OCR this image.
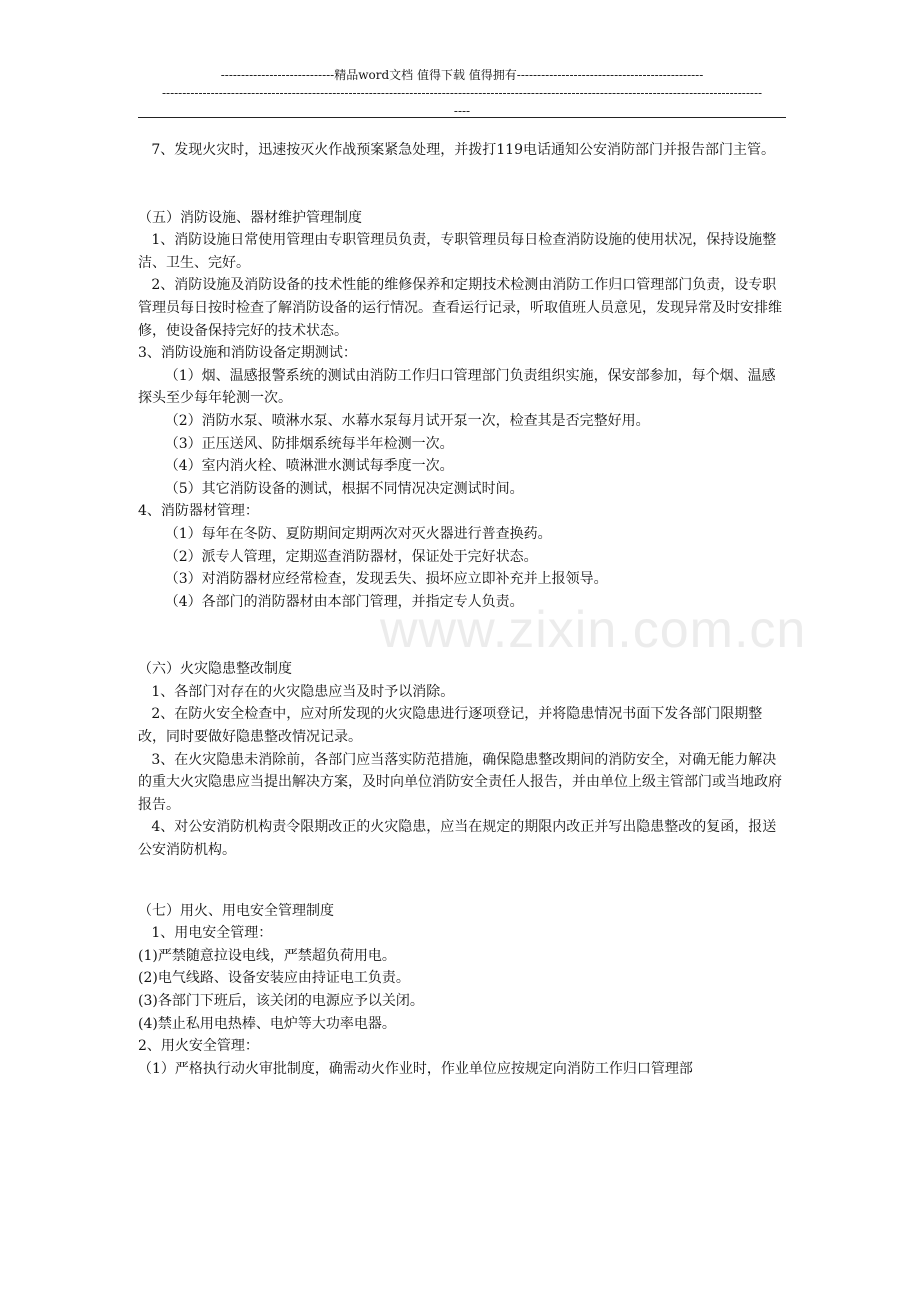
www.zixin.com.cn
----------------------------精品word文档 值得下载 值得拥有----------------------------------------------
----------------------------------------------------------------------------------------------------------------------------------------------------
----

7、发现火灾时，迅速按灭火作战预案紧急处理，并拨打119电话通知公安消防部门并报告部门主管。

（五）消防设施、器材维护管理制度

1、消防设施日常使用管理由专职管理员负责，专职管理员每日检查消防设施的使用状况，保持设施整洁、卫生、完好。

2、消防设施及消防设备的技术性能的维修保养和定期技术检测由消防工作归口管理部门负责，设专职管理员每日按时检查了解消防设备的运行情况。查看运行记录，听取值班人员意见，发现异常及时安排维修，使设备保持完好的技术状态。

3、消防设施和消防设备定期测试：

（1）烟、温感报警系统的测试由消防工作归口管理部门负责组织实施，保安部参加，每个烟、温感探头至少每年轮测一次。

（2）消防水泵、喷淋水泵、水幕水泵每月试开泵一次，检查其是否完整好用。

（3）正压送风、防排烟系统每半年检测一次。

（4）室内消火栓、喷淋泄水测试每季度一次。

（5）其它消防设备的测试，根据不同情况决定测试时间。

4、消防器材管理：

（1）每年在冬防、夏防期间定期两次对灭火器进行普查换药。

（2）派专人管理，定期巡查消防器材，保证处于完好状态。

（3）对消防器材应经常检查，发现丢失、损坏应立即补充并上报领导。

（4）各部门的消防器材由本部门管理，并指定专人负责。

（六）火灾隐患整改制度

1、各部门对存在的火灾隐患应当及时予以消除。

2、在防火安全检查中，应对所发现的火灾隐患进行逐项登记，并将隐患情况书面下发各部门限期整改，同时要做好隐患整改情况记录。

3、在火灾隐患未消除前，各部门应当落实防范措施，确保隐患整改期间的消防安全，对确无能力解决的重大火灾隐患应当提出解决方案，及时向单位消防安全责任人报告，并由单位上级主管部门或当地政府报告。

4、对公安消防机构责令限期改正的火灾隐患，应当在规定的期限内改正并写出隐患整改的复函，报送公安消防机构。

（七）用火、用电安全管理制度

1、用电安全管理：

(1)严禁随意拉设电线，严禁超负荷用电。

(2)电气线路、设备安装应由持证电工负责。

(3)各部门下班后，该关闭的电源应予以关闭。

(4)禁止私用电热棒、电炉等大功率电器。

2、用火安全管理：

（1）严格执行动火审批制度，确需动火作业时，作业单位应按规定向消防工作归口管理部
